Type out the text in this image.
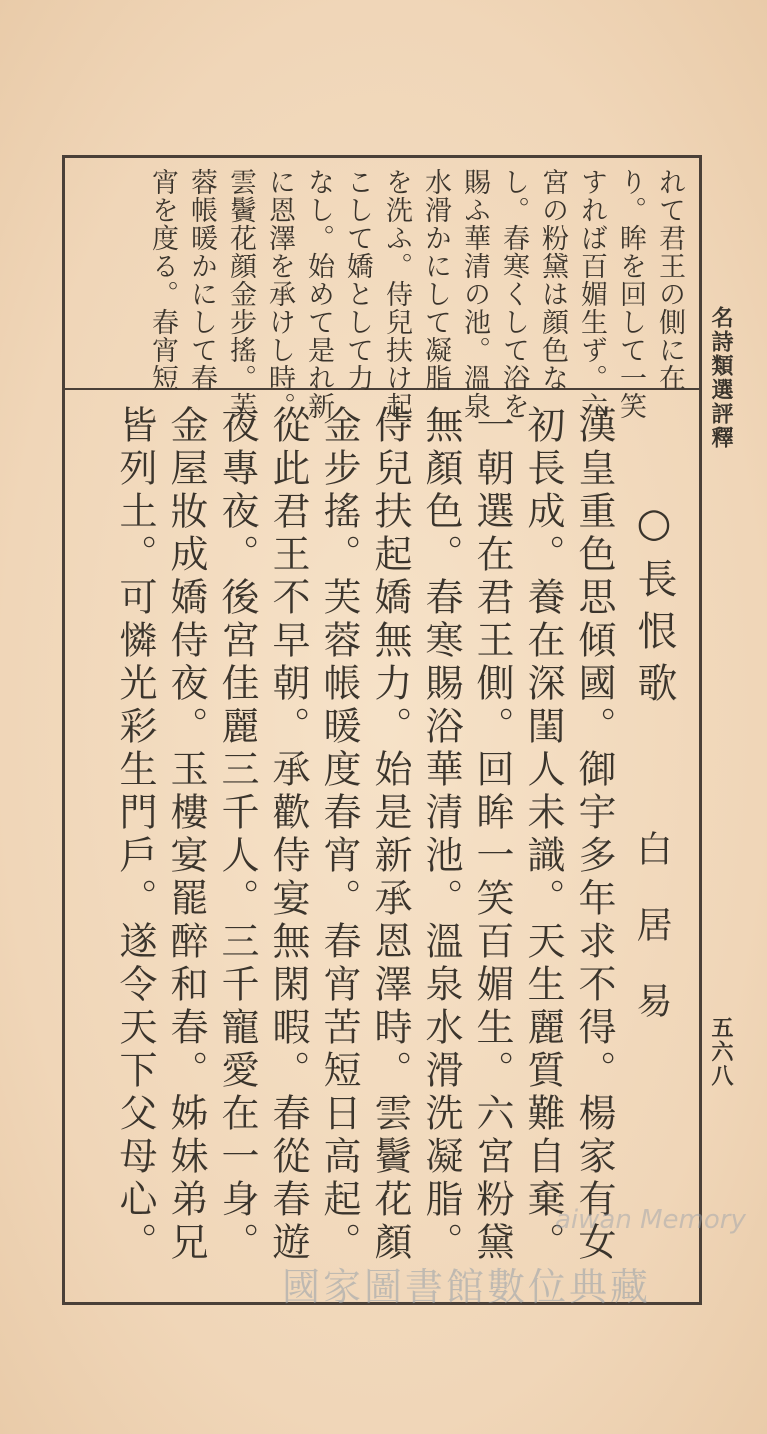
名詩類選評釋
五六八
れて君王の側に在
り。眸を回して一笑
すれば百媚生ず。六
宮の粉黛は顔色な
し。春寒くして浴を
賜ふ華清の池。溫泉
水滑かにして凝脂
を洗ふ。侍兒扶け起
こして嬌として力
なし。始めて是れ新
に恩澤を承けし時。
雲鬢花顔金步搖。芙
蓉帳暖かにして春
宵を度る。春宵短
○長恨歌
白居易
漢皇重色思傾國。御宇多年求不得。楊家有女
初長成。養在深閨人未識。天生麗質難自棄。
一朝選在君王側。回眸一笑百媚生。六宮粉黛
無顏色。春寒賜浴華清池。溫泉水滑洗凝脂。
侍兒扶起嬌無力。始是新承恩澤時。雲鬢花顏
金步搖。芙蓉帳暖度春宵。春宵苦短日高起。
從此君王不早朝。承歡侍宴無閑暇。春從春遊
夜專夜。後宮佳麗三千人。三千寵愛在一身。
金屋妝成嬌侍夜。玉樓宴罷醉和春。姊妹弟兄
皆列土。可憐光彩生門戶。遂令天下父母心。	aiwan Memory
國家圖書館數位典藏
